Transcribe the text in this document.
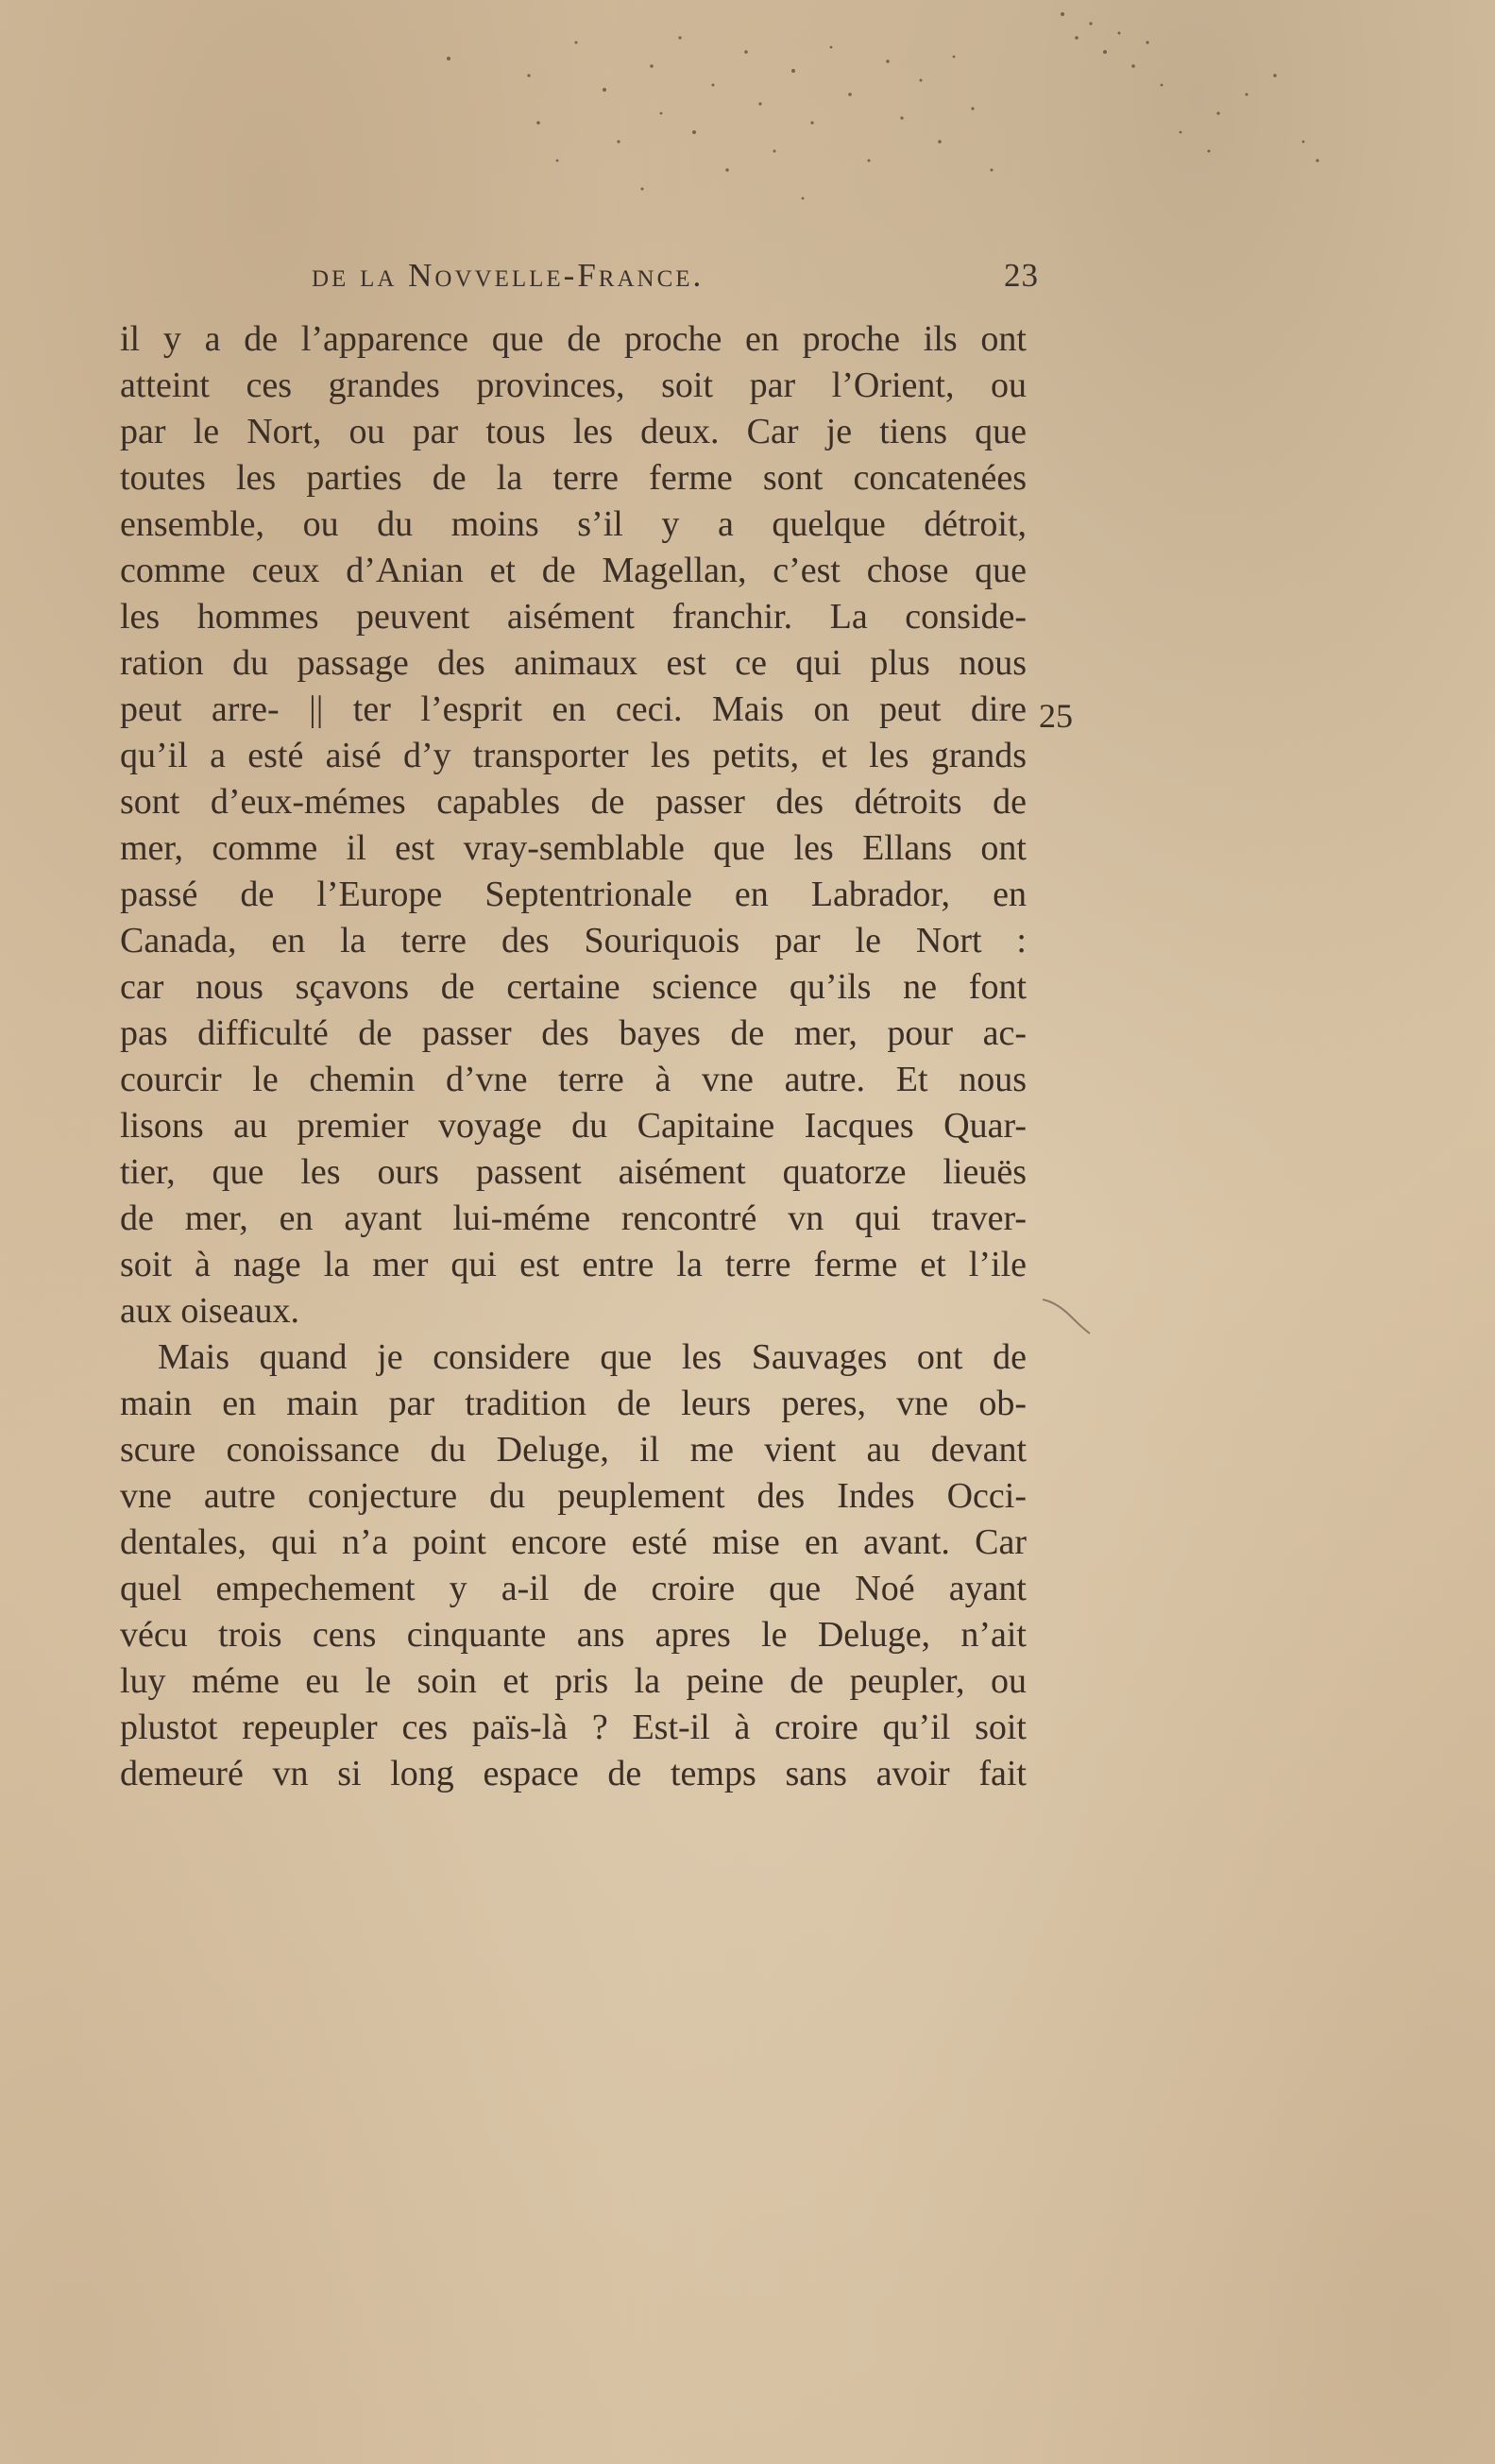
de la Novvelle-France.	23
il y a de l’apparence que de proche en proche ils ont
atteint ces grandes provinces, soit par l’Orient, ou
par le Nort, ou par tous les deux. Car je tiens que
toutes les parties de la terre ferme sont concatenées
ensemble, ou du moins s’il y a quelque détroit,
comme ceux d’Anian et de Magellan, c’est chose que
les hommes peuvent aisément franchir. La conside-
ration du passage des animaux est ce qui plus nous
peut arre- || ter l’esprit en ceci. Mais on peut dire
qu’il a esté aisé d’y transporter les petits, et les grands
sont d’eux-mémes capables de passer des détroits de
mer, comme il est vray-semblable que les Ellans ont
passé de l’Europe Septentrionale en Labrador, en
Canada, en la terre des Souriquois par le Nort :
car nous sçavons de certaine science qu’ils ne font
pas difficulté de passer des bayes de mer, pour ac-
courcir le chemin d’vne terre à vne autre. Et nous
lisons au premier voyage du Capitaine Iacques Quar-
tier, que les ours passent aisément quatorze lieuës
de mer, en ayant lui-méme rencontré vn qui traver-
soit à nage la mer qui est entre la terre ferme et l’ile
aux oiseaux.
Mais quand je considere que les Sauvages ont de
main en main par tradition de leurs peres, vne ob-
scure conoissance du Deluge, il me vient au devant
vne autre conjecture du peuplement des Indes Occi-
dentales, qui n’a point encore esté mise en avant. Car
quel empechement y a-il de croire que Noé ayant
vécu trois cens cinquante ans apres le Deluge, n’ait
luy méme eu le soin et pris la peine de peupler, ou
plustot repeupler ces païs-là ? Est-il à croire qu’il soit
demeuré vn si long espace de temps sans avoir fait
25
